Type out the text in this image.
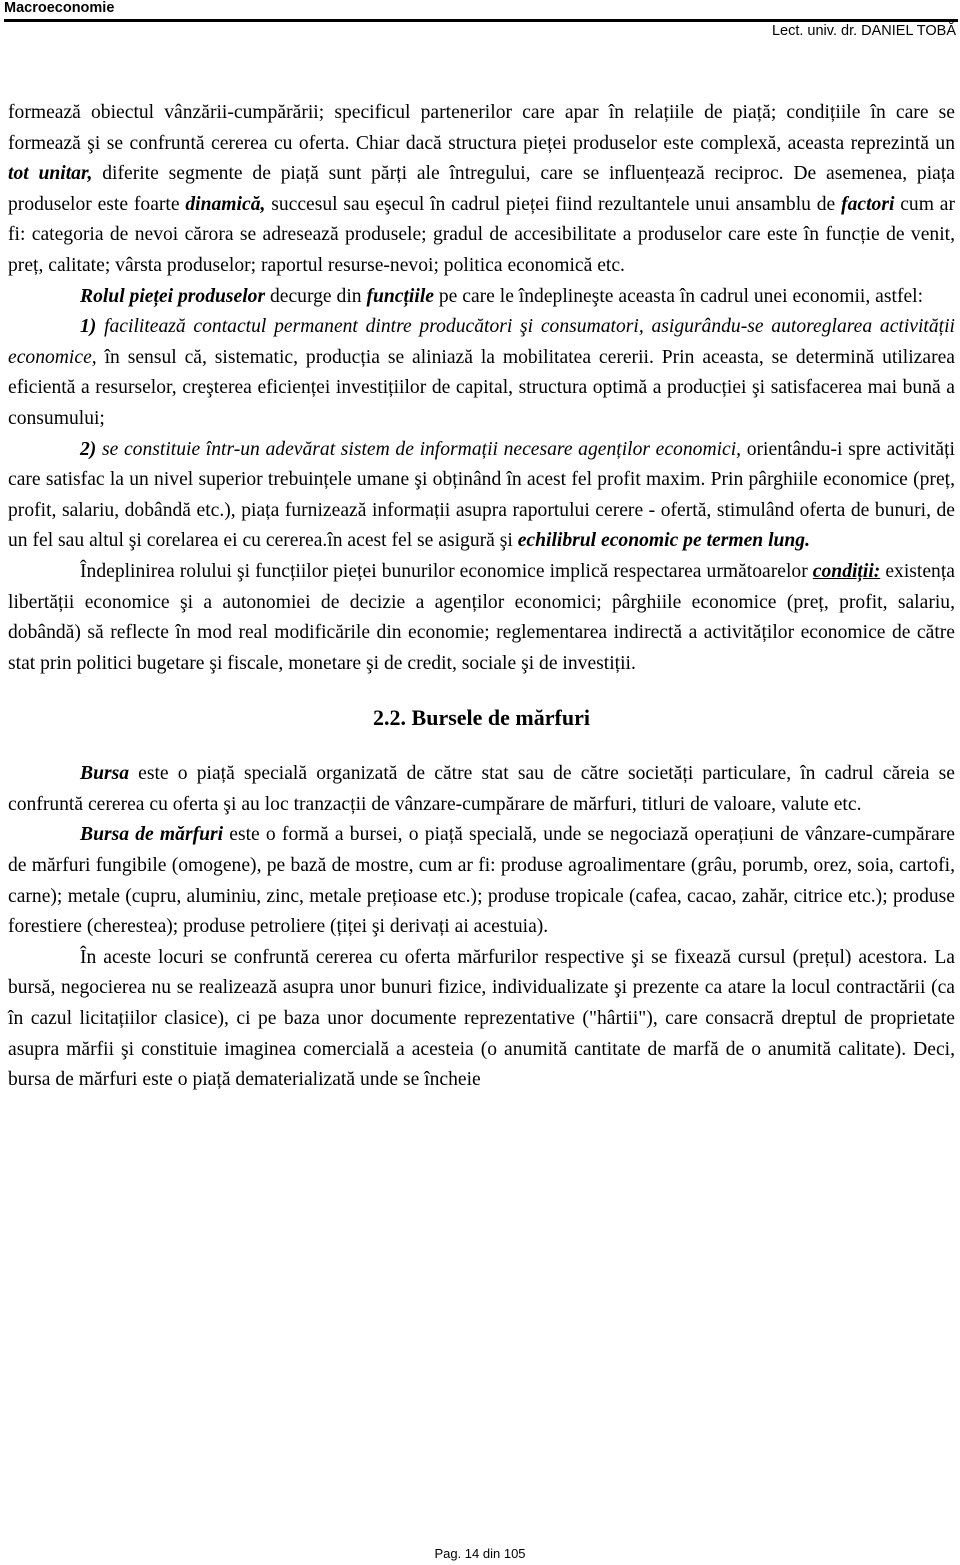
Macroeconomie
Lect. univ. dr. DANIEL TOBĂ

formează obiectul vânzării-cumpărării; specificul partenerilor care apar în relațiile de piață; condițiile în care se formează şi se confruntă cererea cu oferta. Chiar dacă structura pieței produselor este complexă, aceasta reprezintă un tot unitar, diferite segmente de piață sunt părți ale întregului, care se influențează reciproc. De asemenea, piața produselor este foarte dinamică, succesul sau eşecul în cadrul pieței fiind rezultantele unui ansamblu de factori cum ar fi: categoria de nevoi cărora se adresează produsele; gradul de accesibilitate a produselor care este în funcție de venit, preț, calitate; vârsta produselor; raportul resurse-nevoi; politica economică etc.

Rolul pieței produselor decurge din funcțiile pe care le îndeplineşte aceasta în cadrul unei economii, astfel:

1) facilitează contactul permanent dintre producători şi consumatori, asigurându-se autoreglarea activității economice, în sensul că, sistematic, producția se aliniază la mobilitatea cererii. Prin aceasta, se determină utilizarea eficientă a resurselor, creşterea eficienței investițiilor de capital, structura optimă a producției şi satisfacerea mai bună a consumului;

2) se constituie într-un adevărat sistem de informații necesare agenților economici, orientându-i spre activități care satisfac la un nivel superior trebuințele umane şi obținând în acest fel profit maxim. Prin pârghiile economice (preț, profit, salariu, dobândă etc.), piața furnizează informații asupra raportului cerere - ofertă, stimulând oferta de bunuri, de un fel sau altul şi corelarea ei cu cererea.în acest fel se asigură şi echilibrul economic pe termen lung.

Îndeplinirea rolului şi funcțiilor pieței bunurilor economice implică respectarea următoarelor condiții: existența libertății economice şi a autonomiei de decizie a agenților economici; pârghiile economice (preț, profit, salariu, dobândă) să reflecte în mod real modificările din economie; reglementarea indirectă a activităților economice de către stat prin politici bugetare şi fiscale, monetare şi de credit, sociale şi de investiții.

2.2. Bursele de mărfuri

Bursa este o piață specială organizată de către stat sau de către societăți particulare, în cadrul căreia se confruntă cererea cu oferta şi au loc tranzacții de vânzare-cumpărare de mărfuri, titluri de valoare, valute etc.

Bursa de mărfuri este o formă a bursei, o piață specială, unde se negociază operațiuni de vânzare-cumpărare de mărfuri fungibile (omogene), pe bază de mostre, cum ar fi: produse agroalimentare (grâu, porumb, orez, soia, cartofi, carne); metale (cupru, aluminiu, zinc, metale prețioase etc.); produse tropicale (cafea, cacao, zahăr, citrice etc.); produse forestiere (cherestea); produse petroliere (țițeі şi derivați ai acestuia).

În aceste locuri se confruntă cererea cu oferta mărfurilor respective şi se fixează cursul (prețul) acestora. La bursă, negocierea nu se realizează asupra unor bunuri fizice, individualizate şi prezente ca atare la locul contractării (ca în cazul licitațiilor clasice), ci pe baza unor documente reprezentative ("hârtii"), care consacră dreptul de proprietate asupra mărfii şi constituie imaginea comercială a acesteia (o anumită cantitate de marfă de o anumită calitate). Deci, bursa de mărfuri este o piață dematerializată unde se încheie

Pag. 14 din 105
